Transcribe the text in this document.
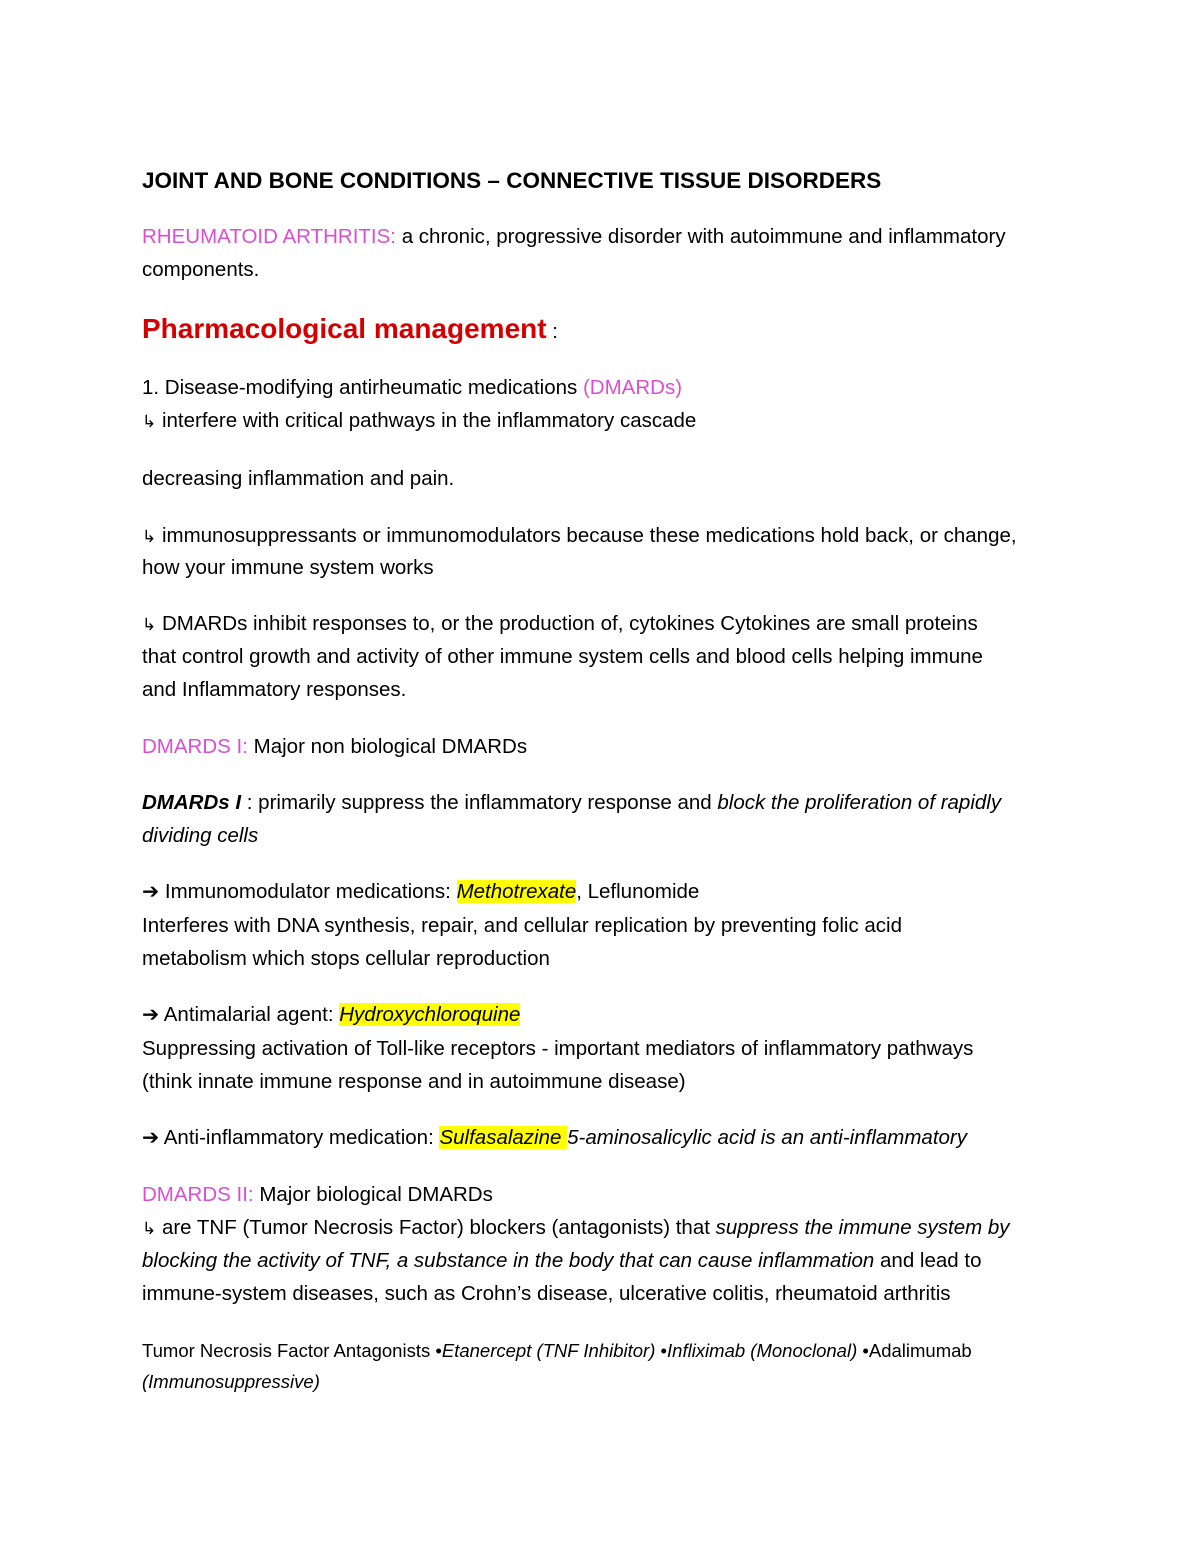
JOINT AND BONE CONDITIONS – CONNECTIVE TISSUE DISORDERS
RHEUMATOID ARTHRITIS: a chronic, progressive disorder with autoimmune and inflammatory
components.
Pharmacological management :
1. Disease-modifying antirheumatic medications (DMARDs)
↳ interfere with critical pathways in the inflammatory cascade
decreasing inflammation and pain.
↳ immunosuppressants or immunomodulators because these medications hold back, or change,
how your immune system works
↳ DMARDs inhibit responses to, or the production of, cytokines Cytokines are small proteins
that control growth and activity of other immune system cells and blood cells helping immune
and Inflammatory responses.
DMARDS I: Major non biological DMARDs
DMARDs I : primarily suppress the inflammatory response and block the proliferation of rapidly
dividing cells
➔ Immunomodulator medications: Methotrexate, Leflunomide
Interferes with DNA synthesis, repair, and cellular replication by preventing folic acid
metabolism which stops cellular reproduction
➔ Antimalarial agent: Hydroxychloroquine
Suppressing activation of Toll-like receptors - important mediators of inflammatory pathways
(think innate immune response and in autoimmune disease)
➔ Anti-inflammatory medication: Sulfasalazine 5-aminosalicylic acid is an anti-inflammatory
DMARDS II: Major biological DMARDs
↳ are TNF (Tumor Necrosis Factor) blockers (antagonists) that suppress the immune system by
blocking the activity of TNF, a substance in the body that can cause inflammation and lead to
immune-system diseases, such as Crohn’s disease, ulcerative colitis, rheumatoid arthritis
Tumor Necrosis Factor Antagonists •Etanercept (TNF Inhibitor) •Infliximab (Monoclonal) •Adalimumab
(Immunosuppressive)
